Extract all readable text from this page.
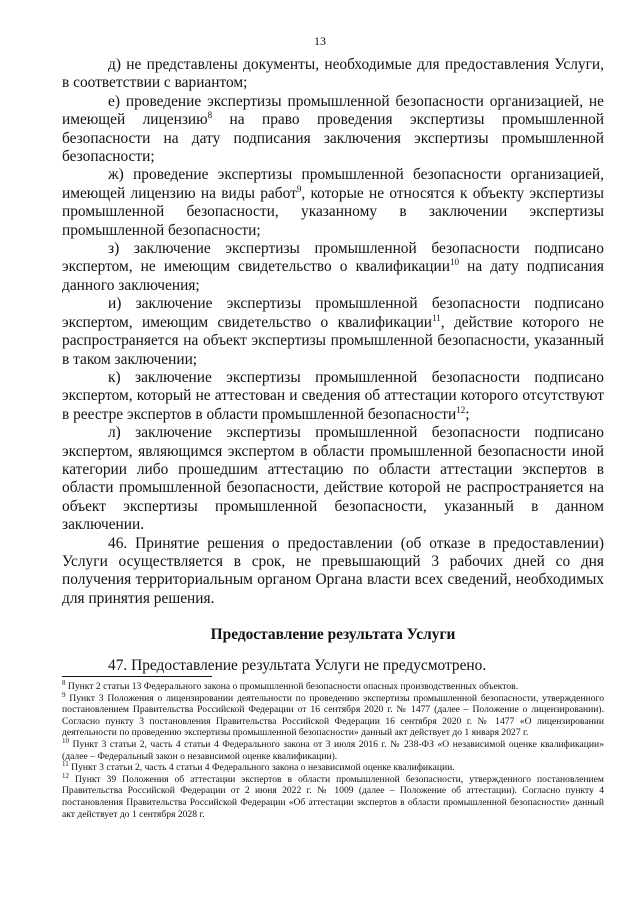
13

д) не представлены документы, необходимые для предоставления Услуги, в соответствии с вариантом;

е) проведение экспертизы промышленной безопасности организацией, не имеющей лицензию$^8$ на право проведения экспертизы промышленной безопасности на дату подписания заключения экспертизы промышленной безопасности;

ж) проведение экспертизы промышленной безопасности организацией, имеющей лицензию на виды работ$^9$, которые не относятся к объекту экспертизы промышленной безопасности, указанному в заключении экспертизы промышленной безопасности;

з) заключение экспертизы промышленной безопасности подписано экспертом, не имеющим свидетельство о квалификации$^{10}$ на дату подписания данного заключения;

и) заключение экспертизы промышленной безопасности подписано экспертом, имеющим свидетельство о квалификации$^{11}$, действие которого не распространяется на объект экспертизы промышленной безопасности, указанный в таком заключении;

к) заключение экспертизы промышленной безопасности подписано экспертом, который не аттестован и сведения об аттестации которого отсутствуют в реестре экспертов в области промышленной безопасности$^{12}$;

л) заключение экспертизы промышленной безопасности подписано экспертом, являющимся экспертом в области промышленной безопасности иной категории либо прошедшим аттестацию по области аттестации экспертов в области промышленной безопасности, действие которой не распространяется на объект экспертизы промышленной безопасности, указанный в данном заключении.

46. Принятие решения о предоставлении (об отказе в предоставлении) Услуги осуществляется в срок, не превышающий 3 рабочих дней со дня получения территориальным органом Органа власти всех сведений, необходимых для принятия решения.

Предоставление результата Услуги

47. Предоставление результата Услуги не предусмотрено.

$^8$ Пункт 2 статьи 13 Федерального закона о промышленной безопасности опасных производственных объектов.

$^9$ Пункт 3 Положения о лицензировании деятельности по проведению экспертизы промышленной безопасности, утвержденного постановлением Правительства Российской Федерации от 16 сентября 2020 г. № 1477 (далее – Положение о лицензировании). Согласно пункту 3 постановления Правительства Российской Федерации 16 сентября 2020 г. № 1477 «О лицензировании деятельности по проведению экспертизы промышленной безопасности» данный акт действует до 1 января 2027 г.

$^{10}$ Пункт 3 статьи 2, часть 4 статьи 4 Федерального закона от 3 июля 2016 г. № 238-ФЗ «О независимой оценке квалификации» (далее – Федеральный закон о независимой оценке квалификации).

$^{11}$ Пункт 3 статьи 2, часть 4 статьи 4 Федерального закона о независимой оценке квалификации.

$^{12}$ Пункт 39 Положения об аттестации экспертов в области промышленной безопасности, утвержденного постановлением Правительства Российской Федерации от 2 июня 2022 г. № 1009 (далее – Положение об аттестации). Согласно пункту 4 постановления Правительства Российской Федерации «Об аттестации экспертов в области промышленной безопасности» данный акт действует до 1 сентября 2028 г.
